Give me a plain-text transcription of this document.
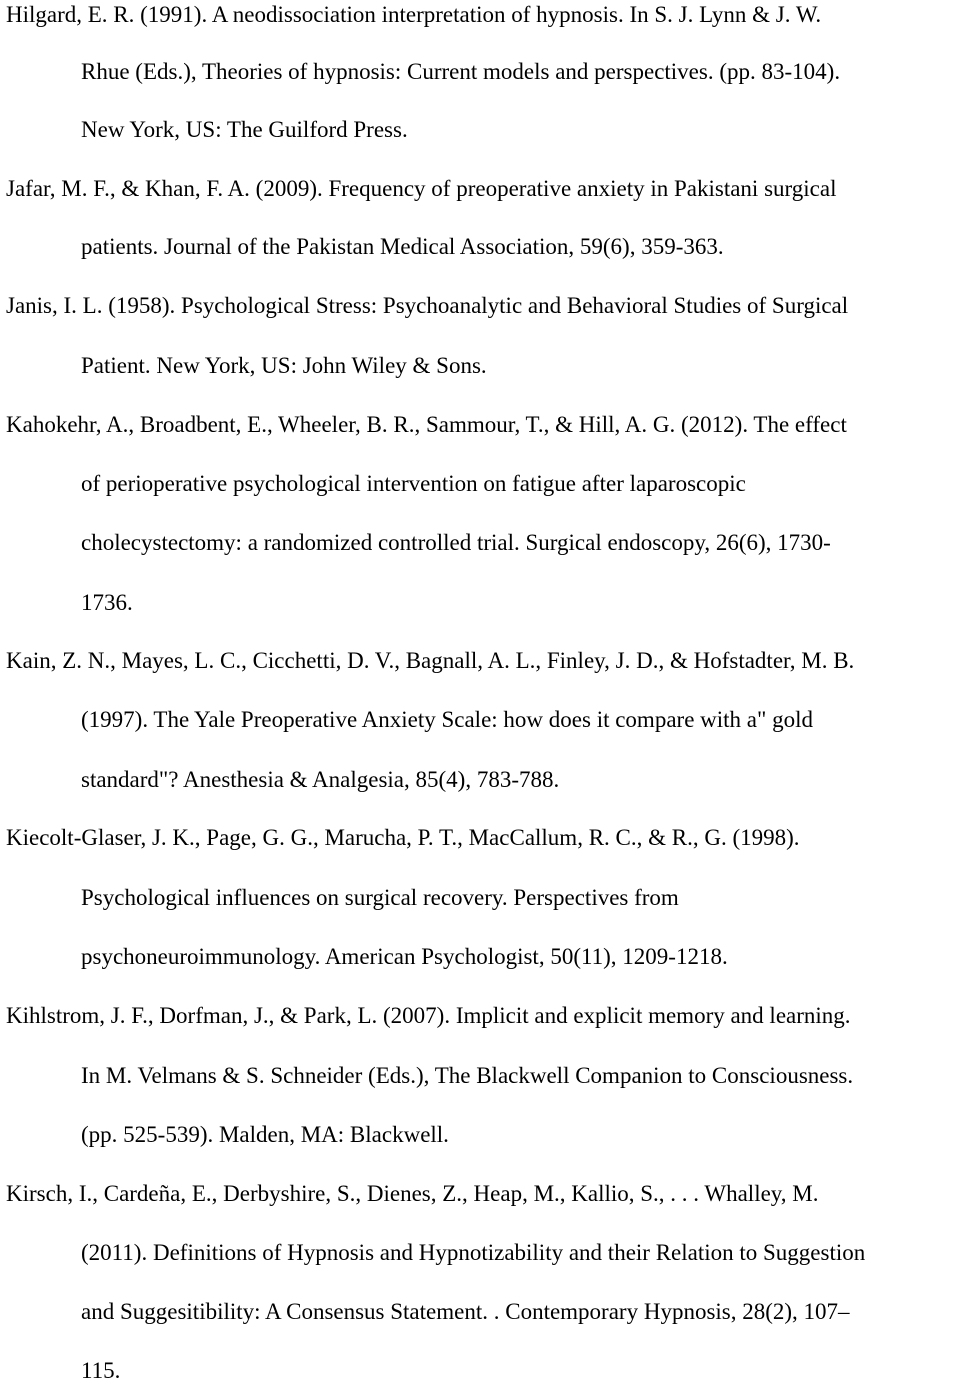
Hilgard, E. R. (1991). A neodissociation interpretation of hypnosis. In S. J. Lynn & J. W.
Rhue (Eds.), Theories of hypnosis: Current models and perspectives. (pp. 83-104).
New York, US: The Guilford Press.
Jafar, M. F., & Khan, F. A. (2009). Frequency of preoperative anxiety in Pakistani surgical
patients. Journal of the Pakistan Medical Association, 59(6), 359-363.
Janis, I. L. (1958). Psychological Stress: Psychoanalytic and Behavioral Studies of Surgical
Patient. New York, US: John Wiley & Sons.
Kahokehr, A., Broadbent, E., Wheeler, B. R., Sammour, T., & Hill, A. G. (2012). The effect
of perioperative psychological intervention on fatigue after laparoscopic
cholecystectomy: a randomized controlled trial. Surgical endoscopy, 26(6), 1730-
1736.
Kain, Z. N., Mayes, L. C., Cicchetti, D. V., Bagnall, A. L., Finley, J. D., & Hofstadter, M. B.
(1997). The Yale Preoperative Anxiety Scale: how does it compare with a" gold
standard"? Anesthesia & Analgesia, 85(4), 783-788.
Kiecolt-Glaser, J. K., Page, G. G., Marucha, P. T., MacCallum, R. C., & R., G. (1998).
Psychological influences on surgical recovery. Perspectives from
psychoneuroimmunology. American Psychologist, 50(11), 1209-1218.
Kihlstrom, J. F., Dorfman, J., & Park, L. (2007). Implicit and explicit memory and learning.
In M. Velmans & S. Schneider (Eds.), The Blackwell Companion to Consciousness.
(pp. 525-539). Malden, MA: Blackwell.
Kirsch, I., Cardeña, E., Derbyshire, S., Dienes, Z., Heap, M., Kallio, S., . . . Whalley, M.
(2011). Definitions of Hypnosis and Hypnotizability and their Relation to Suggestion
and Suggesitibility: A Consensus Statement. . Contemporary Hypnosis, 28(2), 107–
115.
